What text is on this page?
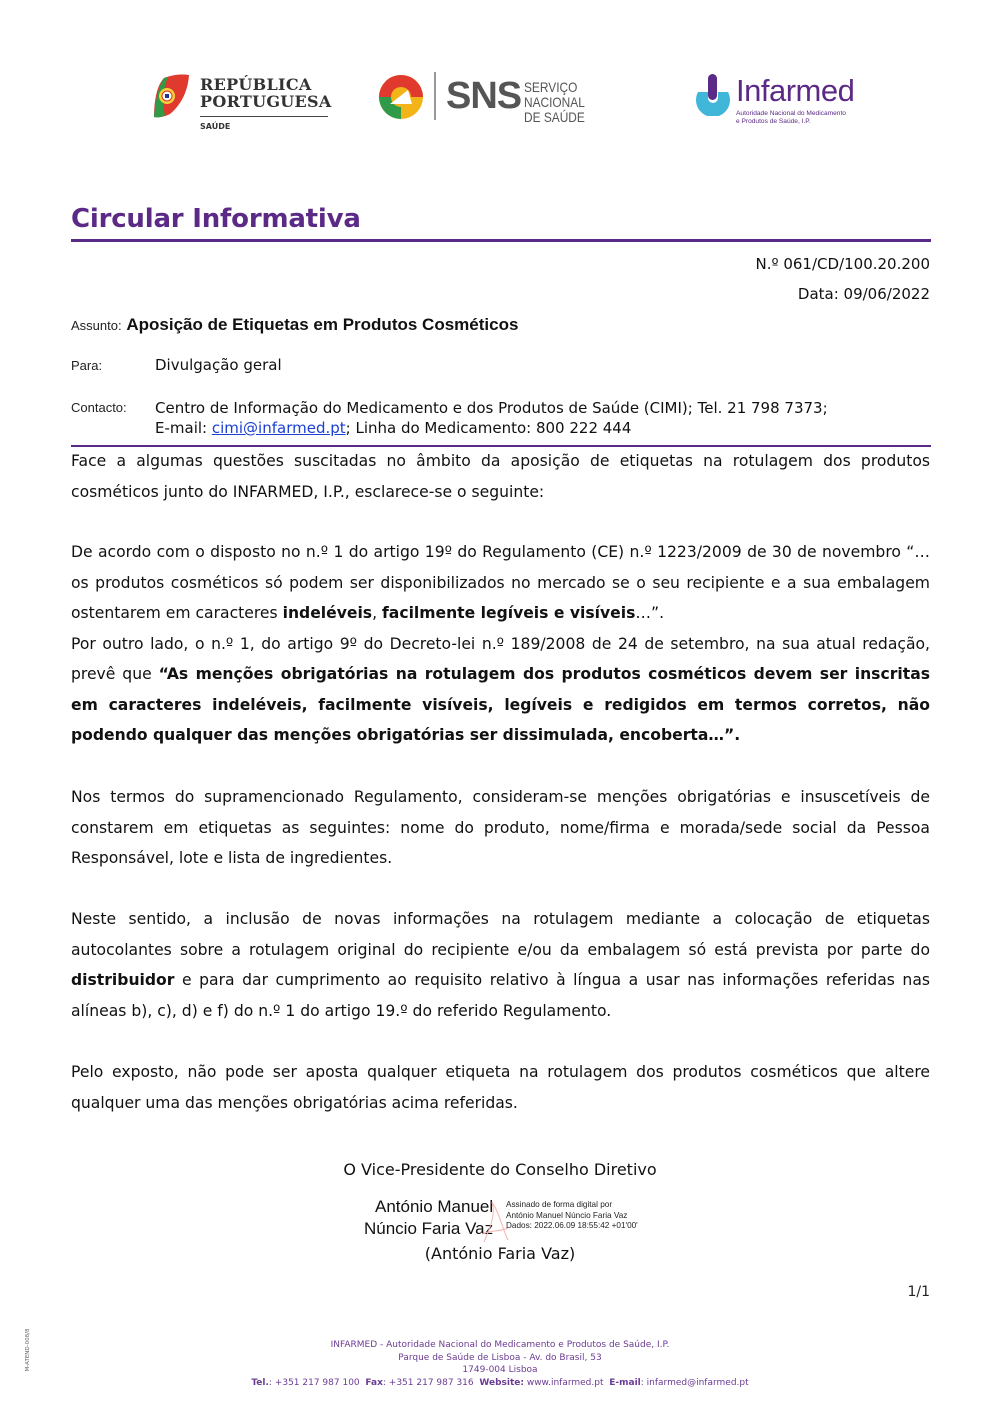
REPÚBLICA
PORTUGUESA
SAÚDE
SNS SERVIÇO NACIONAL
DE SAÚDE
Infarmed
Autoridade Nacional do Medicamento
e Produtos de Saúde, I.P.
Circular Informativa
N.º 061/CD/100.20.200
Data: 09/06/2022
Assunto: Aposição de Etiquetas em Produtos Cosméticos
Para:	Divulgação geral
Contacto: Centro de Informação do Medicamento e dos Produtos de Saúde (CIMI); Tel. 21 798 7373;
E-mail: cimi@infarmed.pt; Linha do Medicamento: 800 222 444

Face a algumas questões suscitadas no âmbito da aposição de etiquetas na rotulagem dos produtos cosméticos junto do INFARMED, I.P., esclarece-se o seguinte:

De acordo com o disposto no n.º 1 do artigo 19º do Regulamento (CE) n.º 1223/2009 de 30 de novembro “…os produtos cosméticos só podem ser disponibilizados no mercado se o seu recipiente e a sua embalagem ostentarem em caracteres indeléveis, facilmente legíveis e visíveis…”.
Por outro lado, o n.º 1, do artigo 9º do Decreto-lei n.º 189/2008 de 24 de setembro, na sua atual redação, prevê que “As menções obrigatórias na rotulagem dos produtos cosméticos devem ser inscritas em caracteres indeléveis, facilmente visíveis, legíveis e redigidos em termos corretos, não podendo qualquer das menções obrigatórias ser dissimulada, encoberta…”.

Nos termos do supramencionado Regulamento, consideram-se menções obrigatórias e insuscetíveis de constarem em etiquetas as seguintes: nome do produto, nome/firma e morada/sede social da Pessoa Responsável, lote e lista de ingredientes.

Neste sentido, a inclusão de novas informações na rotulagem mediante a colocação de etiquetas autocolantes sobre a rotulagem original do recipiente e/ou da embalagem só está prevista por parte do distribuidor e para dar cumprimento ao requisito relativo à língua a usar nas informações referidas nas alíneas b), c), d) e f) do n.º 1 do artigo 19.º do referido Regulamento.

Pelo exposto, não pode ser aposta qualquer etiqueta na rotulagem dos produtos cosméticos que altere qualquer uma das menções obrigatórias acima referidas.

O Vice-Presidente do Conselho Diretivo
António Manuel
Núncio Faria Vaz
Assinado de forma digital por
António Manuel Núncio Faria Vaz
Dados: 2022.06.09 18:55:42 +01'00'
(António Faria Vaz)
1/1
M-ATEND-008/8	INFARMED - Autoridade Nacional do Medicamento e Produtos de Saúde, I.P.
Parque de Saúde de Lisboa - Av. do Brasil, 53
1749-004 Lisboa
Tel.: +351 217 987 100 Fax: +351 217 987 316 Website: www.infarmed.pt E-mail: infarmed@infarmed.pt
